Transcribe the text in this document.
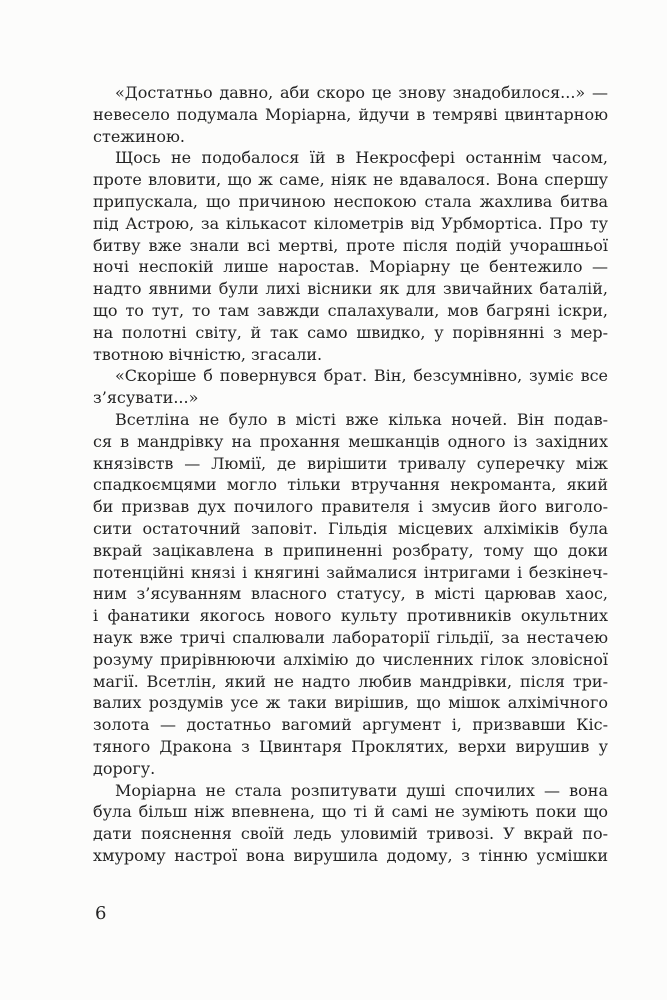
«Достатньо давно, аби скоро це знову знадобилося...» —
невесело подумала Моріарна, йдучи в темряві цвинтарною
стежиною.

Щось не подобалося їй в Некросфері останнім часом,
проте вловити, що ж саме, ніяк не вдавалося. Вона спершу
припускала, що причиною неспокою стала жахлива битва
під Астрою, за кількасот кілометрів від Урбмортіса. Про ту
битву вже знали всі мертві, проте після подій учорашньої
ночі неспокій лише наростав. Моріарну це бентежило —
надто явними були лихі вісники як для звичайних баталій,
що то тут, то там завжди спалахували, мов багряні іскри,
на полотні світу, й так само швидко, у порівнянні з мер-
твотною вічністю, згасали.

«Скоріше б повернувся брат. Він, безсумнівно, зуміє все
з’ясувати...»

Всетліна не було в місті вже кілька ночей. Він подав-
ся в мандрівку на прохання мешканців одного із західних
князівств — Люмії, де вирішити тривалу суперечку між
спадкоємцями могло тільки втручання некроманта, який
би призвав дух почилого правителя і змусив його виголо-
сити остаточний заповіт. Гільдія місцевих алхіміків була
вкрай зацікавлена в припиненні розбрату, тому що доки
потенційні князі і княгині займалися інтригами і безкінеч-
ним з’ясуванням власного статусу, в місті царював хаос,
і фанатики якогось нового культу противників окультних
наук вже тричі спалювали лабораторії гільдії, за нестачею
розуму прирівнюючи алхімію до численних гілок зловісної
магії. Всетлін, який не надто любив мандрівки, після три-
валих роздумів усе ж таки вирішив, що мішок алхімічного
золота — достатньо вагомий аргумент і, призвавши Кіс-
тяного Дракона з Цвинтаря Проклятих, верхи вирушив у
дорогу.

Моріарна не стала розпитувати душі спочилих — вона
була більш ніж впевнена, що ті й самі не зуміють поки що
дати пояснення своїй ледь уловимій тривозі. У вкрай по-
хмурому настрої вона вирушила додому, з тінню усмішки

6
